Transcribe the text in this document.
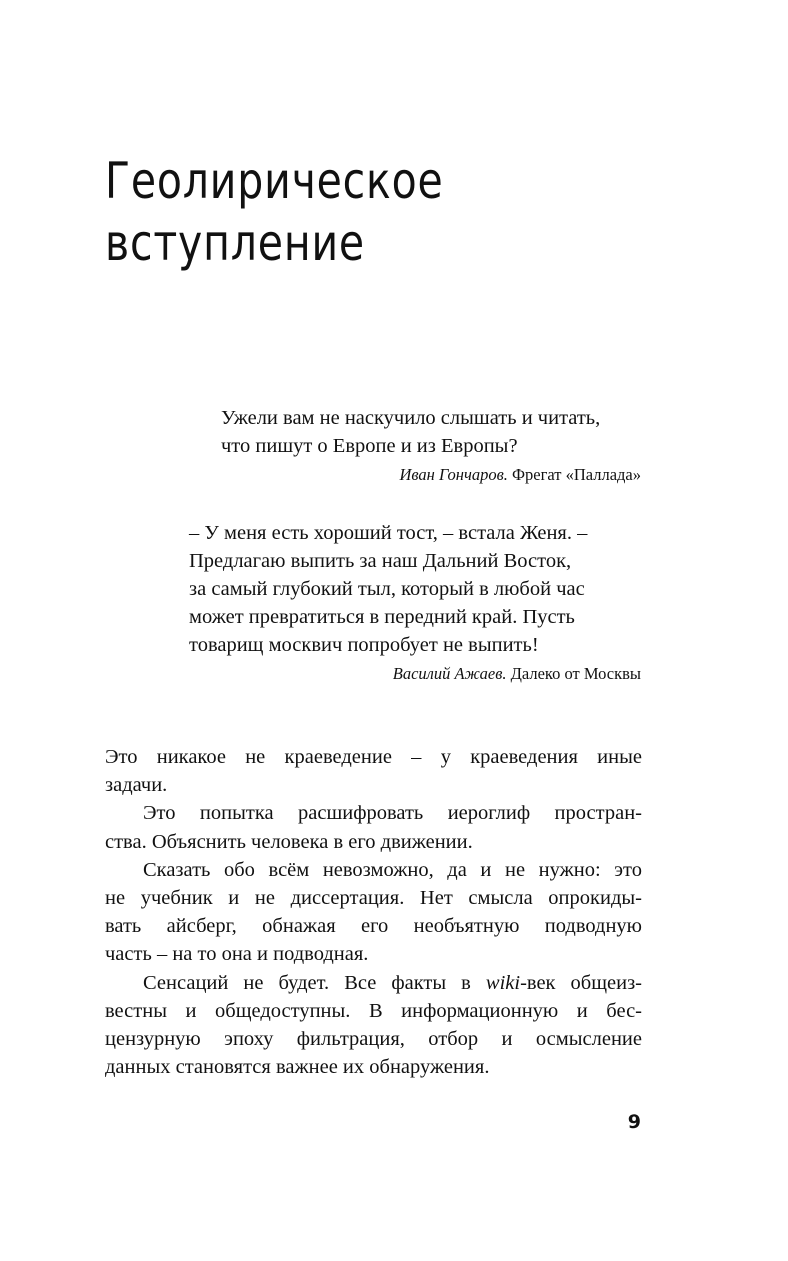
Геолирическое
вступление
Ужели вам не наскучило слышать и читать,
что пишут о Европе и из Европы?
Иван Гончаров. Фрегат «Паллада»
– У меня есть хороший тост, – встала Женя. –
Предлагаю выпить за наш Дальний Восток,
за самый глубокий тыл, который в любой час
может превратиться в передний край. Пусть
товарищ москвич попробует не выпить!
Василий Ажаев. Далеко от Москвы
Это никакое не краеведение – у краеведения иные
задачи.
Это попытка расшифровать иероглиф простран-
ства. Объяснить человека в его движении.
Сказать обо всём невозможно, да и не нужно: это
не учебник и не диссертация. Нет смысла опрокиды-
вать айсберг, обнажая его необъятную подводную
часть – на то она и подводная.
Сенсаций не будет. Все факты в wiki-век общеиз-
вестны и общедоступны. В информационную и бес-
цензурную эпоху фильтрация, отбор и осмысление
данных становятся важнее их обнаружения.
9
